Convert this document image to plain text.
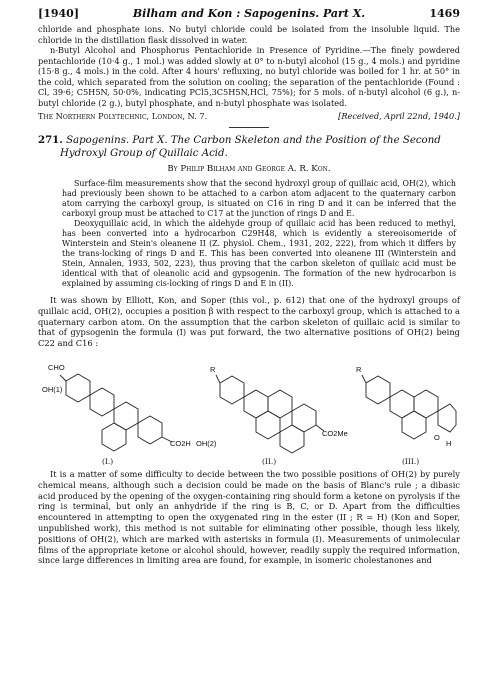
[1940]	Bilham and Kon : Sapogenins. Part X.	1469

chloride and phosphate ions. No butyl chloride could be isolated from the insoluble liquid. The chloride in the distillation flask dissolved in water.

n-Butyl Alcohol and Phosphorus Pentachloride in Presence of Pyridine.—The finely powdered pentachloride (10·4 g., 1 mol.) was added slowly at 0° to n-butyl alcohol (15 g., 4 mols.) and pyridine (15·8 g., 4 mols.) in the cold. After 4 hours' refluxing, no butyl chloride was boiled for 1 hr. at 50° in the cold, which separated from the solution on cooling; the separation of the pentachloride (Found : Cl, 39·6; C5H5N, 50·0%, indicating PCl5,3C5H5N,HCl, 75%); for 5 mols. of n-butyl alcohol (6 g.), n-butyl chloride (2 g.), butyl phosphate, and n-butyl phosphate was isolated.

The Northern Polytechnic, London, N. 7.	[Received, April 22nd, 1940.]
271. Sapogenins. Part X. The Carbon Skeleton and the Position of the Second Hydroxyl Group of Quillaic Acid.
By Philip Bilham and George A. R. Kon.

Surface-film measurements show that the second hydroxyl group of quillaic acid, OH(2), which had previously been shown to be attached to a carbon atom adjacent to the quaternary carbon atom carrying the carboxyl group, is situated on C16 in ring D and it can be inferred that the carboxyl group must be attached to C17 at the junction of rings D and E.

Deoxyquillaic acid, in which the aldehyde group of quillaic acid has been reduced to methyl, has been converted into a hydrocarbon C29H48, which is evidently a stereoisomeride of Winterstein and Stein's oleanene II (Z. physiol. Chem., 1931, 202, 222), from which it differs by the trans-locking of rings D and E. This has been converted into oleanene III (Winterstein and Stein, Annalen, 1933, 502, 223), thus proving that the carbon skeleton of quillaic acid must be identical with that of oleanolic acid and gypsogenin. The formation of the new hydrocarbon is explained by assuming cis-locking of rings D and E in (II).

It was shown by Elliott, Kon, and Soper (this vol., p. 612) that one of the hydroxyl groups of quillaic acid, OH(2), occupies a position β with respect to the carboxyl group, which is attached to a quaternary carbon atom. On the assumption that the carbon skeleton of quillaic acid is similar to that of gypsogenin the formula (I) was put forward, the two alternative positions of OH(2) being C22 and C16 :

CHO
OH(1)
CO2H OH(2)
R
CO2Me
R
O
H
(I.)	(II.)	(III.)

It is a matter of some difficulty to decide between the two possible positions of OH(2) by purely chemical means, although such a decision could be made on the basis of Blanc's rule ; a dibasic acid produced by the opening of the oxygen-containing ring should form a ketone on pyrolysis if the ring is terminal, but only an anhydride if the ring is B, C, or D. Apart from the difficulties encountered in attempting to open the oxygenated ring in the ester (II ; R = H) (Kon and Soper, unpublished work), this method is not suitable for eliminating other possible, though less likely, positions of OH(2), which are marked with asterisks in formula (I). Measurements of unimolecular films of the appropriate ketone or alcohol should, however, readily supply the required information, since large differences in limiting area are found, for example, in isomeric cholestanones and
